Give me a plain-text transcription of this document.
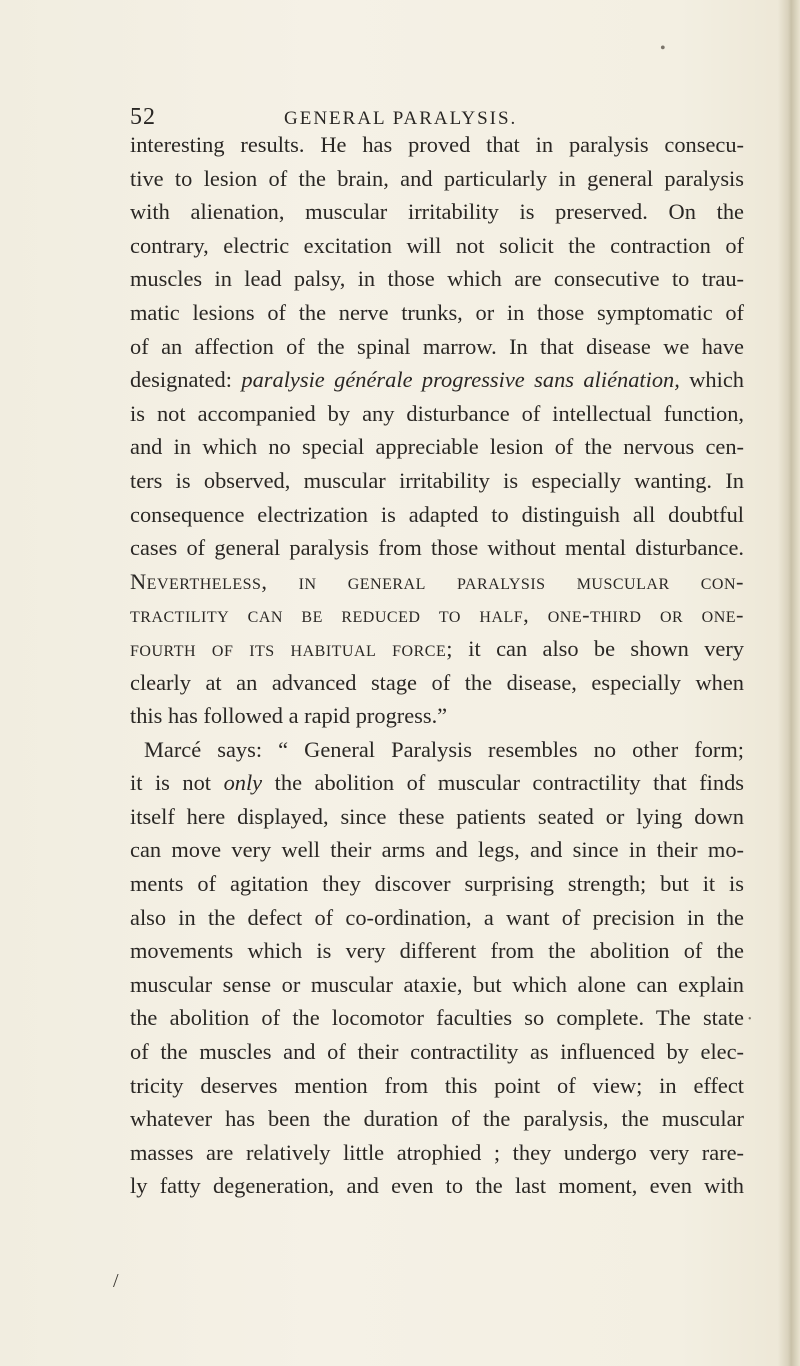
•
•
52	GENERAL PARALYSIS.
interesting results. He has proved that in paralysis consecu-
tive to lesion of the brain, and particularly in general paralysis
with alienation, muscular irritability is preserved. On the
contrary, electric excitation will not solicit the contraction of
muscles in lead palsy, in those which are consecutive to trau-
matic lesions of the nerve trunks, or in those symptomatic of
of an affection of the spinal marrow. In that disease we have
designated: paralysie générale progressive sans aliénation, which
is not accompanied by any disturbance of intellectual function,
and in which no special appreciable lesion of the nervous cen-
ters is observed, muscular irritability is especially wanting. In
consequence electrization is adapted to distinguish all doubtful
cases of general paralysis from those without mental disturbance.
Nevertheless, in general paralysis muscular con-
tractility can be reduced to half, one-third or one-
fourth of its habitual force; it can also be shown very
clearly at an advanced stage of the disease, especially when
this has followed a rapid progress.”
Marcé says: “ General Paralysis resembles no other form;
it is not only the abolition of muscular contractility that finds
itself here displayed, since these patients seated or lying down
can move very well their arms and legs, and since in their mo-
ments of agitation they discover surprising strength; but it is
also in the defect of co-ordination, a want of precision in the
movements which is very different from the abolition of the
muscular sense or muscular ataxie, but which alone can explain
the abolition of the locomotor faculties so complete. The state
of the muscles and of their contractility as influenced by elec-
tricity deserves mention from this point of view; in effect
whatever has been the duration of the paralysis, the muscular
masses are relatively little atrophied ; they undergo very rare-
ly fatty degeneration, and even to the last moment, even with
/
